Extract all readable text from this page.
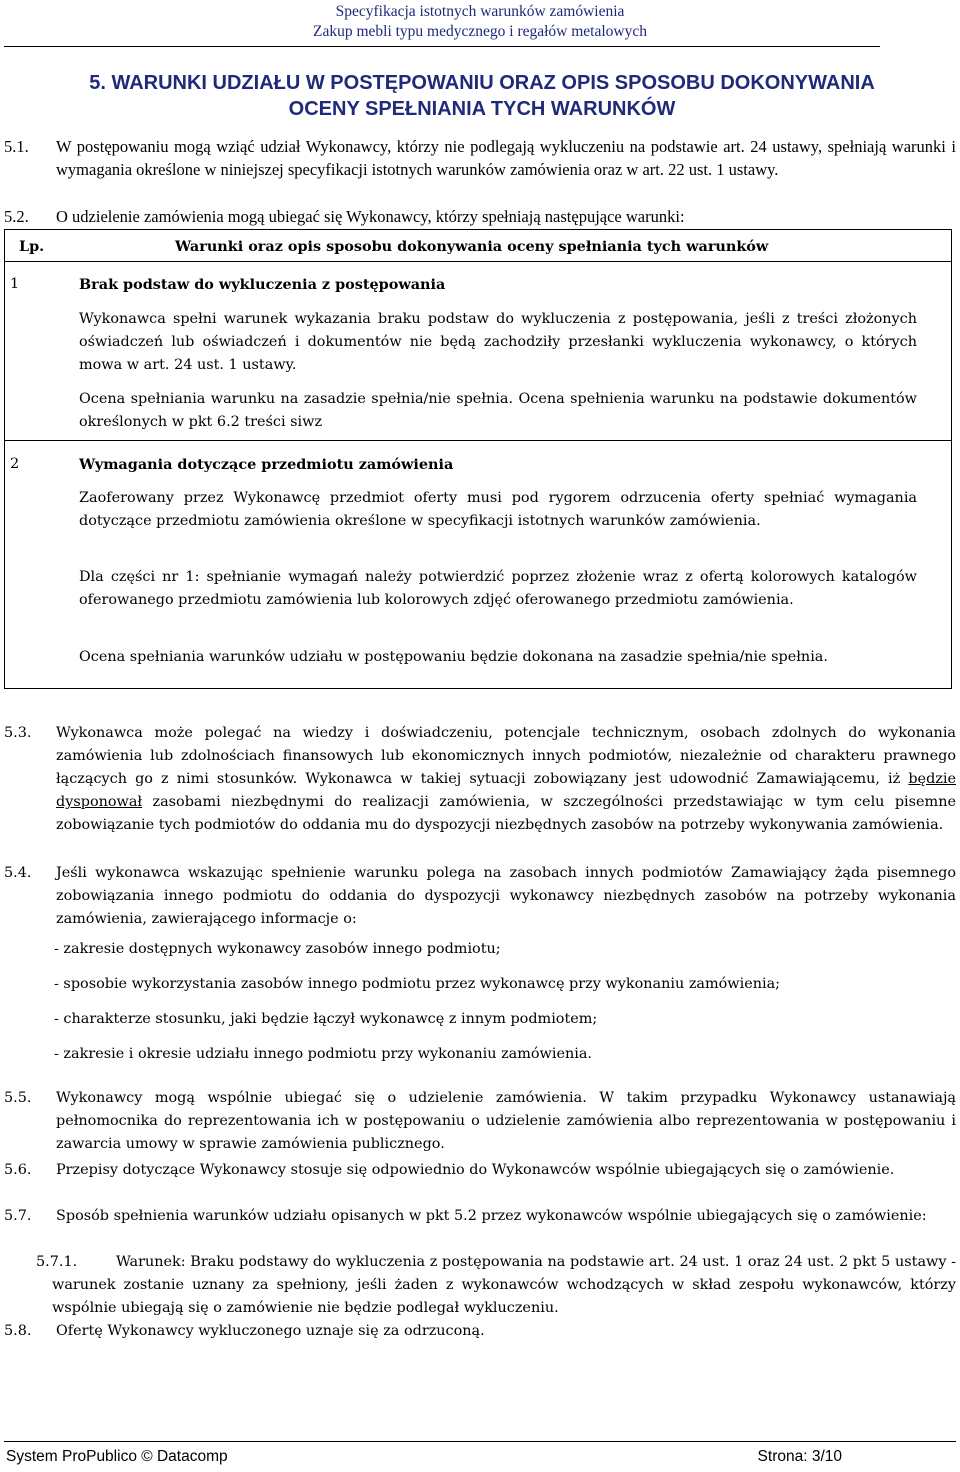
Specyfikacja istotnych warunków zamówienia
Zakup mebli typu medycznego i regałów metalowych
5. WARUNKI UDZIAŁU W POSTĘPOWANIU ORAZ OPIS SPOSOBU DOKONYWANIA
OCENY SPEŁNIANIA TYCH WARUNKÓW
5.1. W postępowaniu mogą wziąć udział Wykonawcy, którzy nie podlegają wykluczeniu na podstawie art. 24 ustawy, spełniają warunki i wymagania określone w niniejszej specyfikacji istotnych warunków zamówienia oraz w art. 22 ust. 1 ustawy.
5.2. O udzielenie zamówienia mogą ubiegać się Wykonawcy, którzy spełniają następujące warunki:
Lp.	Warunki oraz opis sposobu dokonywania oceny spełniania tych warunków
1	Brak podstaw do wykluczenia z postępowania
Wykonawca spełni warunek wykazania braku podstaw do wykluczenia z postępowania, jeśli z treści złożonych oświadczeń lub oświadczeń i dokumentów nie będą zachodziły przesłanki wykluczenia wykonawcy, o których mowa w art. 24 ust. 1 ustawy.
Ocena spełniania warunku na zasadzie spełnia/nie spełnia. Ocena spełnienia warunku na podstawie dokumentów określonych w pkt 6.2 treści siwz
2	Wymagania dotyczące przedmiotu zamówienia
Zaoferowany przez Wykonawcę przedmiot oferty musi pod rygorem odrzucenia oferty spełniać wymagania dotyczące przedmiotu zamówienia określone w specyfikacji istotnych warunków zamówienia.
Dla części nr 1: spełnianie wymagań należy potwierdzić poprzez złożenie wraz z ofertą kolorowych katalogów oferowanego przedmiotu zamówienia lub kolorowych zdjęć oferowanego przedmiotu zamówienia.
Ocena spełniania warunków udziału w postępowaniu będzie dokonana na zasadzie spełnia/nie spełnia.
5.3. Wykonawca może polegać na wiedzy i doświadczeniu, potencjale technicznym, osobach zdolnych do wykonania zamówienia lub zdolnościach finansowych lub ekonomicznych innych podmiotów, niezależnie od charakteru prawnego łączących go z nimi stosunków. Wykonawca w takiej sytuacji zobowiązany jest udowodnić Zamawiającemu, iż będzie dysponował zasobami niezbędnymi do realizacji zamówienia, w szczególności przedstawiając w tym celu pisemne zobowiązanie tych podmiotów do oddania mu do dyspozycji niezbędnych zasobów na potrzeby wykonywania zamówienia.
5.4. Jeśli wykonawca wskazując spełnienie warunku polega na zasobach innych podmiotów Zamawiający żąda pisemnego zobowiązania innego podmiotu do oddania do dyspozycji wykonawcy niezbędnych zasobów na potrzeby wykonania zamówienia, zawierającego informacje o:
- zakresie dostępnych wykonawcy zasobów innego podmiotu;
- sposobie wykorzystania zasobów innego podmiotu przez wykonawcę przy wykonaniu zamówienia;
- charakterze stosunku, jaki będzie łączył wykonawcę z innym podmiotem;
- zakresie i okresie udziału innego podmiotu przy wykonaniu zamówienia.
5.5. Wykonawcy mogą wspólnie ubiegać się o udzielenie zamówienia. W takim przypadku Wykonawcy ustanawiają pełnomocnika do reprezentowania ich w postępowaniu o udzielenie zamówienia albo reprezentowania w postępowaniu i zawarcia umowy w sprawie zamówienia publicznego.
5.6. Przepisy dotyczące Wykonawcy stosuje się odpowiednio do Wykonawców wspólnie ubiegających się o zamówienie.
5.7. Sposób spełnienia warunków udziału opisanych w pkt 5.2 przez wykonawców wspólnie ubiegających się o zamówienie:
5.7.1.	Warunek: Braku podstawy do wykluczenia z postępowania na podstawie art. 24 ust. 1 oraz 24 ust. 2 pkt 5 ustawy - warunek zostanie uznany za spełniony, jeśli żaden z wykonawców wchodzących w skład zespołu wykonawców, którzy wspólnie ubiegają się o zamówienie nie będzie podlegał wykluczeniu.
5.8. Ofertę Wykonawcy wykluczonego uznaje się za odrzuconą.
System ProPublico © Datacomp	Strona: 3/10
